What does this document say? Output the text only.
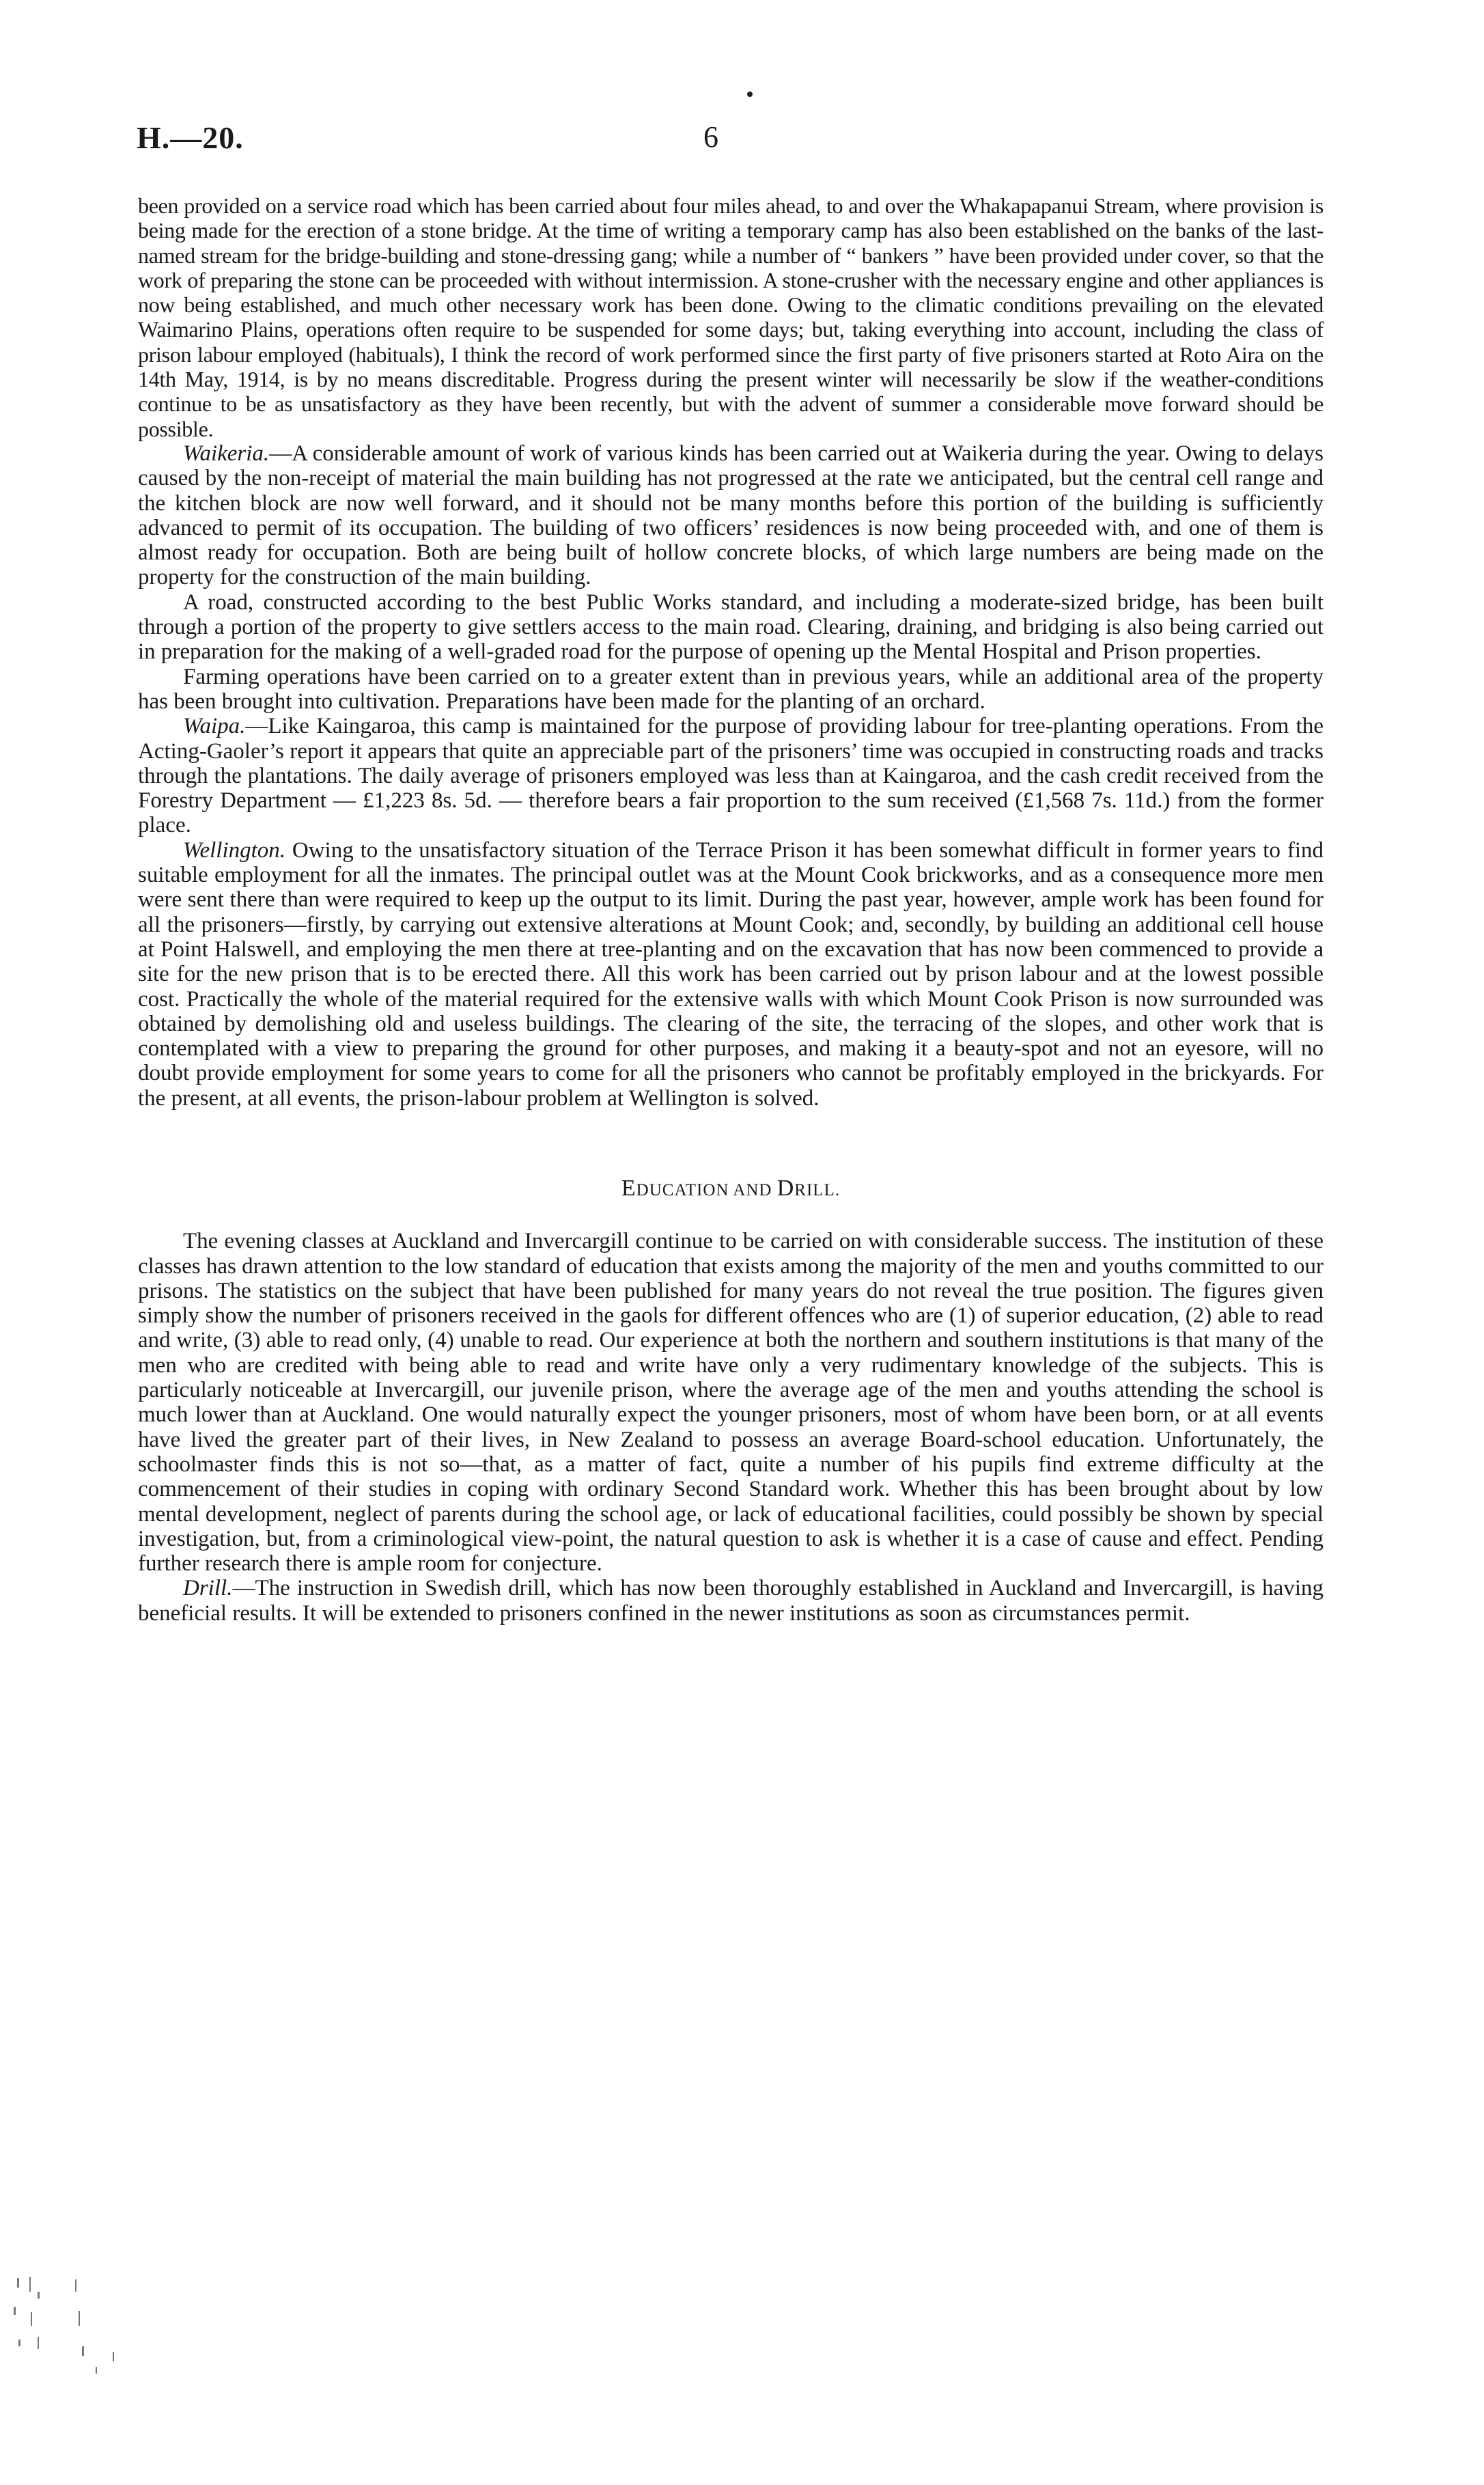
H.—20.	6

been provided on a service road which has been carried about four miles ahead, to and over the Whakapapanui Stream, where provision is being made for the erection of a stone bridge. At the time of writing a temporary camp has also been established on the banks of the last-named stream for the bridge-building and stone-dressing gang; while a number of “ bankers ” have been provided under cover, so that the work of preparing the stone can be proceeded with without intermission. A stone-crusher with the necessary engine and other appliances is now being established, and much other necessary work has been done. Owing to the climatic conditions prevailing on the elevated Waimarino Plains, operations often require to be suspended for some days; but, taking everything into account, including the class of prison labour employed (habituals), I think the record of work performed since the first party of five prisoners started at Roto Aira on the 14th May, 1914, is by no means discreditable. Progress during the present winter will necessarily be slow if the weather-conditions continue to be as unsatisfactory as they have been recently, but with the advent of summer a considerable move forward should be possible.

Waikeria.—A considerable amount of work of various kinds has been carried out at Waikeria during the year. Owing to delays caused by the non-receipt of material the main building has not progressed at the rate we anticipated, but the central cell range and the kitchen block are now well forward, and it should not be many months before this portion of the building is sufficiently advanced to permit of its occupation. The building of two officers’ residences is now being proceeded with, and one of them is almost ready for occupation. Both are being built of hollow concrete blocks, of which large numbers are being made on the property for the construction of the main building.

A road, constructed according to the best Public Works standard, and including a moderate-sized bridge, has been built through a portion of the property to give settlers access to the main road. Clearing, draining, and bridging is also being carried out in preparation for the making of a well-graded road for the purpose of opening up the Mental Hospital and Prison properties.

Farming operations have been carried on to a greater extent than in previous years, while an additional area of the property has been brought into cultivation. Preparations have been made for the planting of an orchard.

Waipa.—Like Kaingaroa, this camp is maintained for the purpose of providing labour for tree-planting operations. From the Acting-Gaoler’s report it appears that quite an appreciable part of the prisoners’ time was occupied in constructing roads and tracks through the plantations. The daily average of prisoners employed was less than at Kaingaroa, and the cash credit received from the Forestry Department — £1,223 8s. 5d. — therefore bears a fair proportion to the sum received (£1,568 7s. 11d.) from the former place.

Wellington. Owing to the unsatisfactory situation of the Terrace Prison it has been somewhat difficult in former years to find suitable employment for all the inmates. The principal outlet was at the Mount Cook brickworks, and as a consequence more men were sent there than were required to keep up the output to its limit. During the past year, however, ample work has been found for all the prisoners—firstly, by carrying out extensive alterations at Mount Cook; and, secondly, by building an additional cell house at Point Halswell, and employing the men there at tree-planting and on the excavation that has now been commenced to provide a site for the new prison that is to be erected there. All this work has been carried out by prison labour and at the lowest possible cost. Practically the whole of the material required for the extensive walls with which Mount Cook Prison is now surrounded was obtained by demolishing old and useless buildings. The clearing of the site, the terracing of the slopes, and other work that is contemplated with a view to preparing the ground for other purposes, and making it a beauty-spot and not an eyesore, will no doubt provide employment for some years to come for all the prisoners who cannot be profitably employed in the brickyards. For the present, at all events, the prison-labour problem at Wellington is solved.

EDUCATION AND DRILL.

The evening classes at Auckland and Invercargill continue to be carried on with considerable success. The institution of these classes has drawn attention to the low standard of education that exists among the majority of the men and youths committed to our prisons. The statistics on the subject that have been published for many years do not reveal the true position. The figures given simply show the number of prisoners received in the gaols for different offences who are (1) of superior education, (2) able to read and write, (3) able to read only, (4) unable to read. Our experience at both the northern and southern institutions is that many of the men who are credited with being able to read and write have only a very rudimentary knowledge of the subjects. This is particularly noticeable at Invercargill, our juvenile prison, where the average age of the men and youths attending the school is much lower than at Auckland. One would naturally expect the younger prisoners, most of whom have been born, or at all events have lived the greater part of their lives, in New Zealand to possess an average Board-school education. Unfortunately, the schoolmaster finds this is not so—that, as a matter of fact, quite a number of his pupils find extreme difficulty at the commencement of their studies in coping with ordinary Second Standard work. Whether this has been brought about by low mental development, neglect of parents during the school age, or lack of educational facilities, could possibly be shown by special investigation, but, from a criminological view-point, the natural question to ask is whether it is a case of cause and effect. Pending further research there is ample room for conjecture.

Drill.—The instruction in Swedish drill, which has now been thoroughly established in Auckland and Invercargill, is having beneficial results. It will be extended to prisoners confined in the newer institutions as soon as circumstances permit.
